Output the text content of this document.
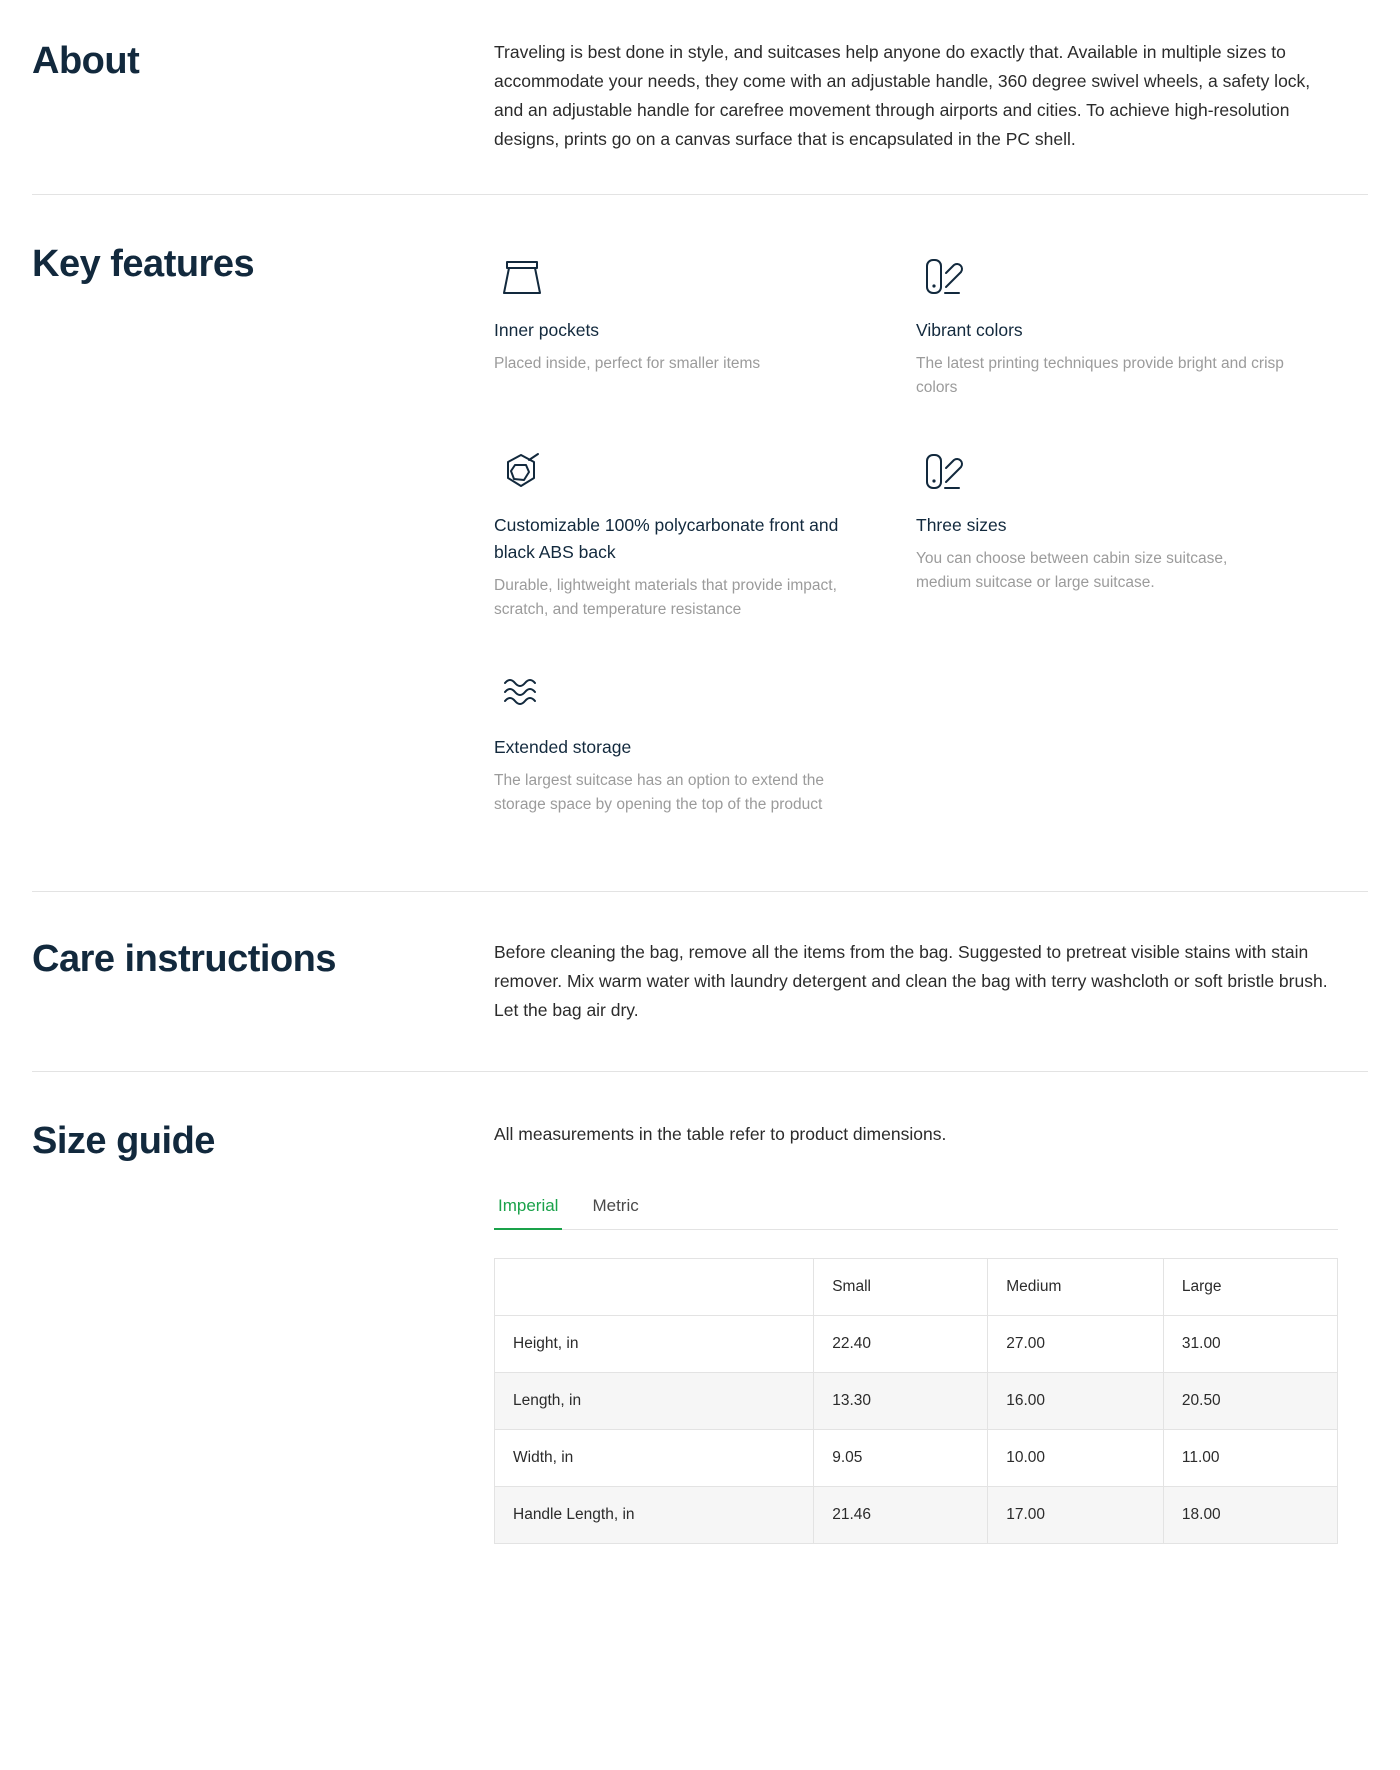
About	Traveling is best done in style, and suitcases help anyone do exactly that. Available in multiple sizes to accommodate your needs, they come with an adjustable handle, 360 degree swivel wheels, a safety lock, and an adjustable handle for carefree movement through airports and cities. To achieve high-resolution designs, prints go on a canvas surface that is encapsulated in the PC shell.

Key features
Inner pockets
Placed inside, perfect for smaller items
Vibrant colors
The latest printing techniques provide bright and crisp colors
Customizable 100% polycarbonate front and black ABS back
Durable, lightweight materials that provide impact, scratch, and temperature resistance
Three sizes
You can choose between cabin size suitcase, medium suitcase or large suitcase.
Extended storage
The largest suitcase has an option to extend the storage space by opening the top of the product
Care instructions	Before cleaning the bag, remove all the items from the bag. Suggested to pretreat visible stains with stain remover. Mix warm water with laundry detergent and clean the bag with terry washcloth or soft bristle brush. Let the bag air dry.

Size guide	All measurements in the table refer to product dimensions.

Imperial Metric
	Small	Medium	Large
Height, in	22.40	27.00	31.00
Length, in	13.30	16.00	20.50
Width, in	9.05	10.00	11.00
Handle Length, in	21.46	17.00	18.00
